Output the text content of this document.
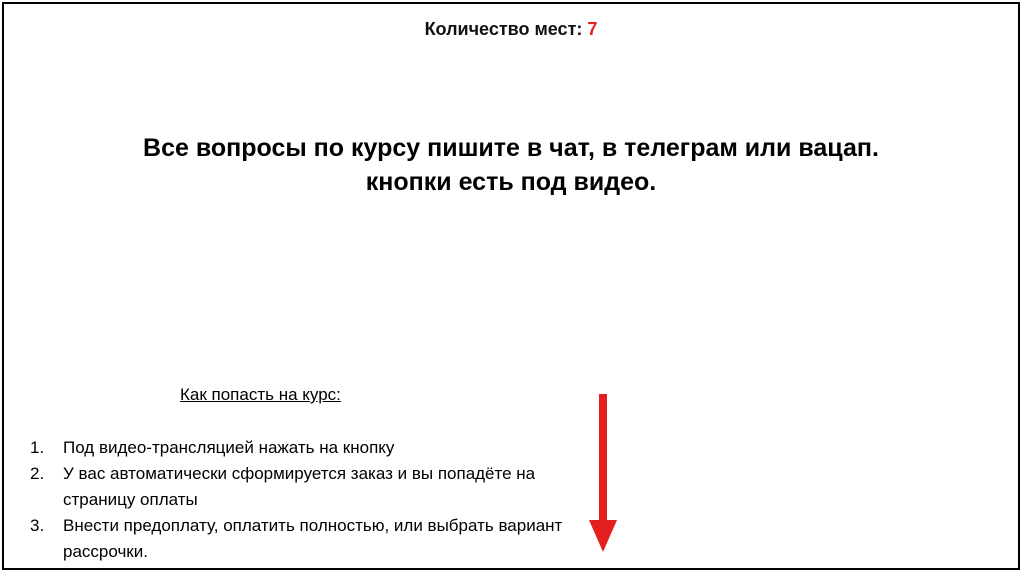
Количество мест: 7
Все вопросы по курсу пишите в чат, в телеграм или вацап.
кнопки есть под видео.
Как попасть на курс:
1. Под видео-трансляцией нажать на кнопку
2. У вас автоматически сформируется заказ и вы попадёте на страницу оплаты
3. Внести предоплату, оплатить полностью, или выбрать вариант рассрочки.
